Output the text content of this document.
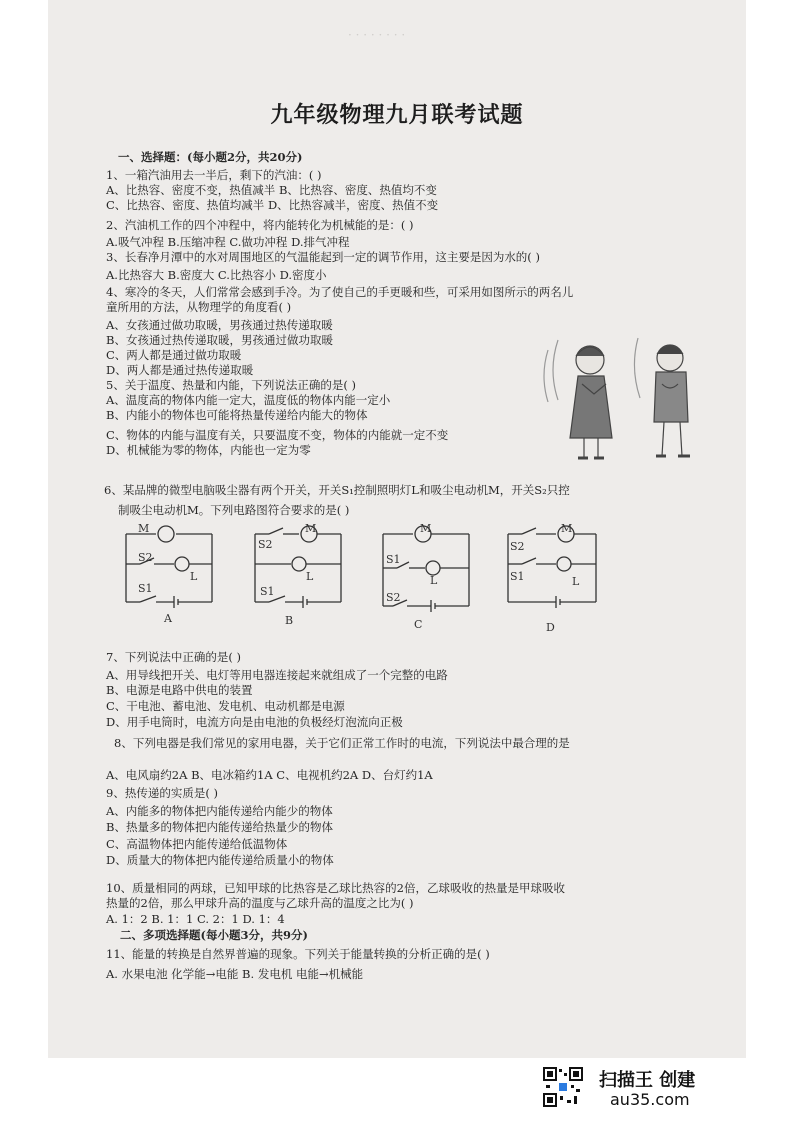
· · · · · · · ·
九年级物理九月联考试题
一、选择题：(每小题2分，共20分)
1、一箱汽油用去一半后，剩下的汽油：( )
A、比热容、密度不变，热值减半 B、比热容、密度、热值均不变
C、比热容、密度、热值均减半 D、比热容减半，密度、热值不变
2、汽油机工作的四个冲程中，将内能转化为机械能的是：( )
A.吸气冲程 B.压缩冲程 C.做功冲程 D.排气冲程
3、长春净月潭中的水对周围地区的气温能起到一定的调节作用，这主要是因为水的( )
A.比热容大 B.密度大 C.比热容小 D.密度小
4、寒冷的冬天，人们常常会感到手冷。为了使自己的手更暖和些，可采用如图所示的两名儿
童所用的方法，从物理学的角度看( )
A、女孩通过做功取暖，男孩通过热传递取暖
B、女孩通过热传递取暖，男孩通过做功取暖
C、两人都是通过做功取暖
D、两人都是通过热传递取暖
5、关于温度、热量和内能，下列说法正确的是( )
A、温度高的物体内能一定大，温度低的物体内能一定小
B、内能小的物体也可能将热量传递给内能大的物体
C、物体的内能与温度有关，只要温度不变，物体的内能就一定不变
D、机械能为零的物体，内能也一定为零
6、某品牌的微型电脑吸尘器有两个开关，开关S₁控制照明灯L和吸尘电动机M，开关S₂只控
制吸尘电动机M。下列电路图符合要求的是( )
7、下列说法中正确的是( )
A、用导线把开关、电灯等用电器连接起来就组成了一个完整的电路
B、电源是电路中供电的装置
C、干电池、蓄电池、发电机、电动机都是电源
D、用手电筒时，电流方向是由电池的负极经灯泡流向正极
8、下列电器是我们常见的家用电器，关于它们正常工作时的电流，下列说法中最合理的是
A、电风扇约2A B、电冰箱约1A C、电视机约2A D、台灯约1A
9、热传递的实质是( )
A、内能多的物体把内能传递给内能少的物体
B、热量多的物体把内能传递给热量少的物体
C、高温物体把内能传递给低温物体
D、质量大的物体把内能传递给质量小的物体
10、质量相同的两球，已知甲球的比热容是乙球比热容的2倍，乙球吸收的热量是甲球吸收
热量的2倍，那么甲球升高的温度与乙球升高的温度之比为( )
A. 1：2 B. 1：1 C. 2：1 D. 1：4
二、多项选择题(每小题3分，共9分)
11、能量的转换是自然界普遍的现象。下列关于能量转换的分析正确的是( )
A. 水果电池 化学能→电能 B. 发电机 电能→机械能
M
S2
L
S1
A
M
S2
L
S1
B
M
S1
L
S2
C
M
S2
L
S1
D
扫描王 创建
au35.com
